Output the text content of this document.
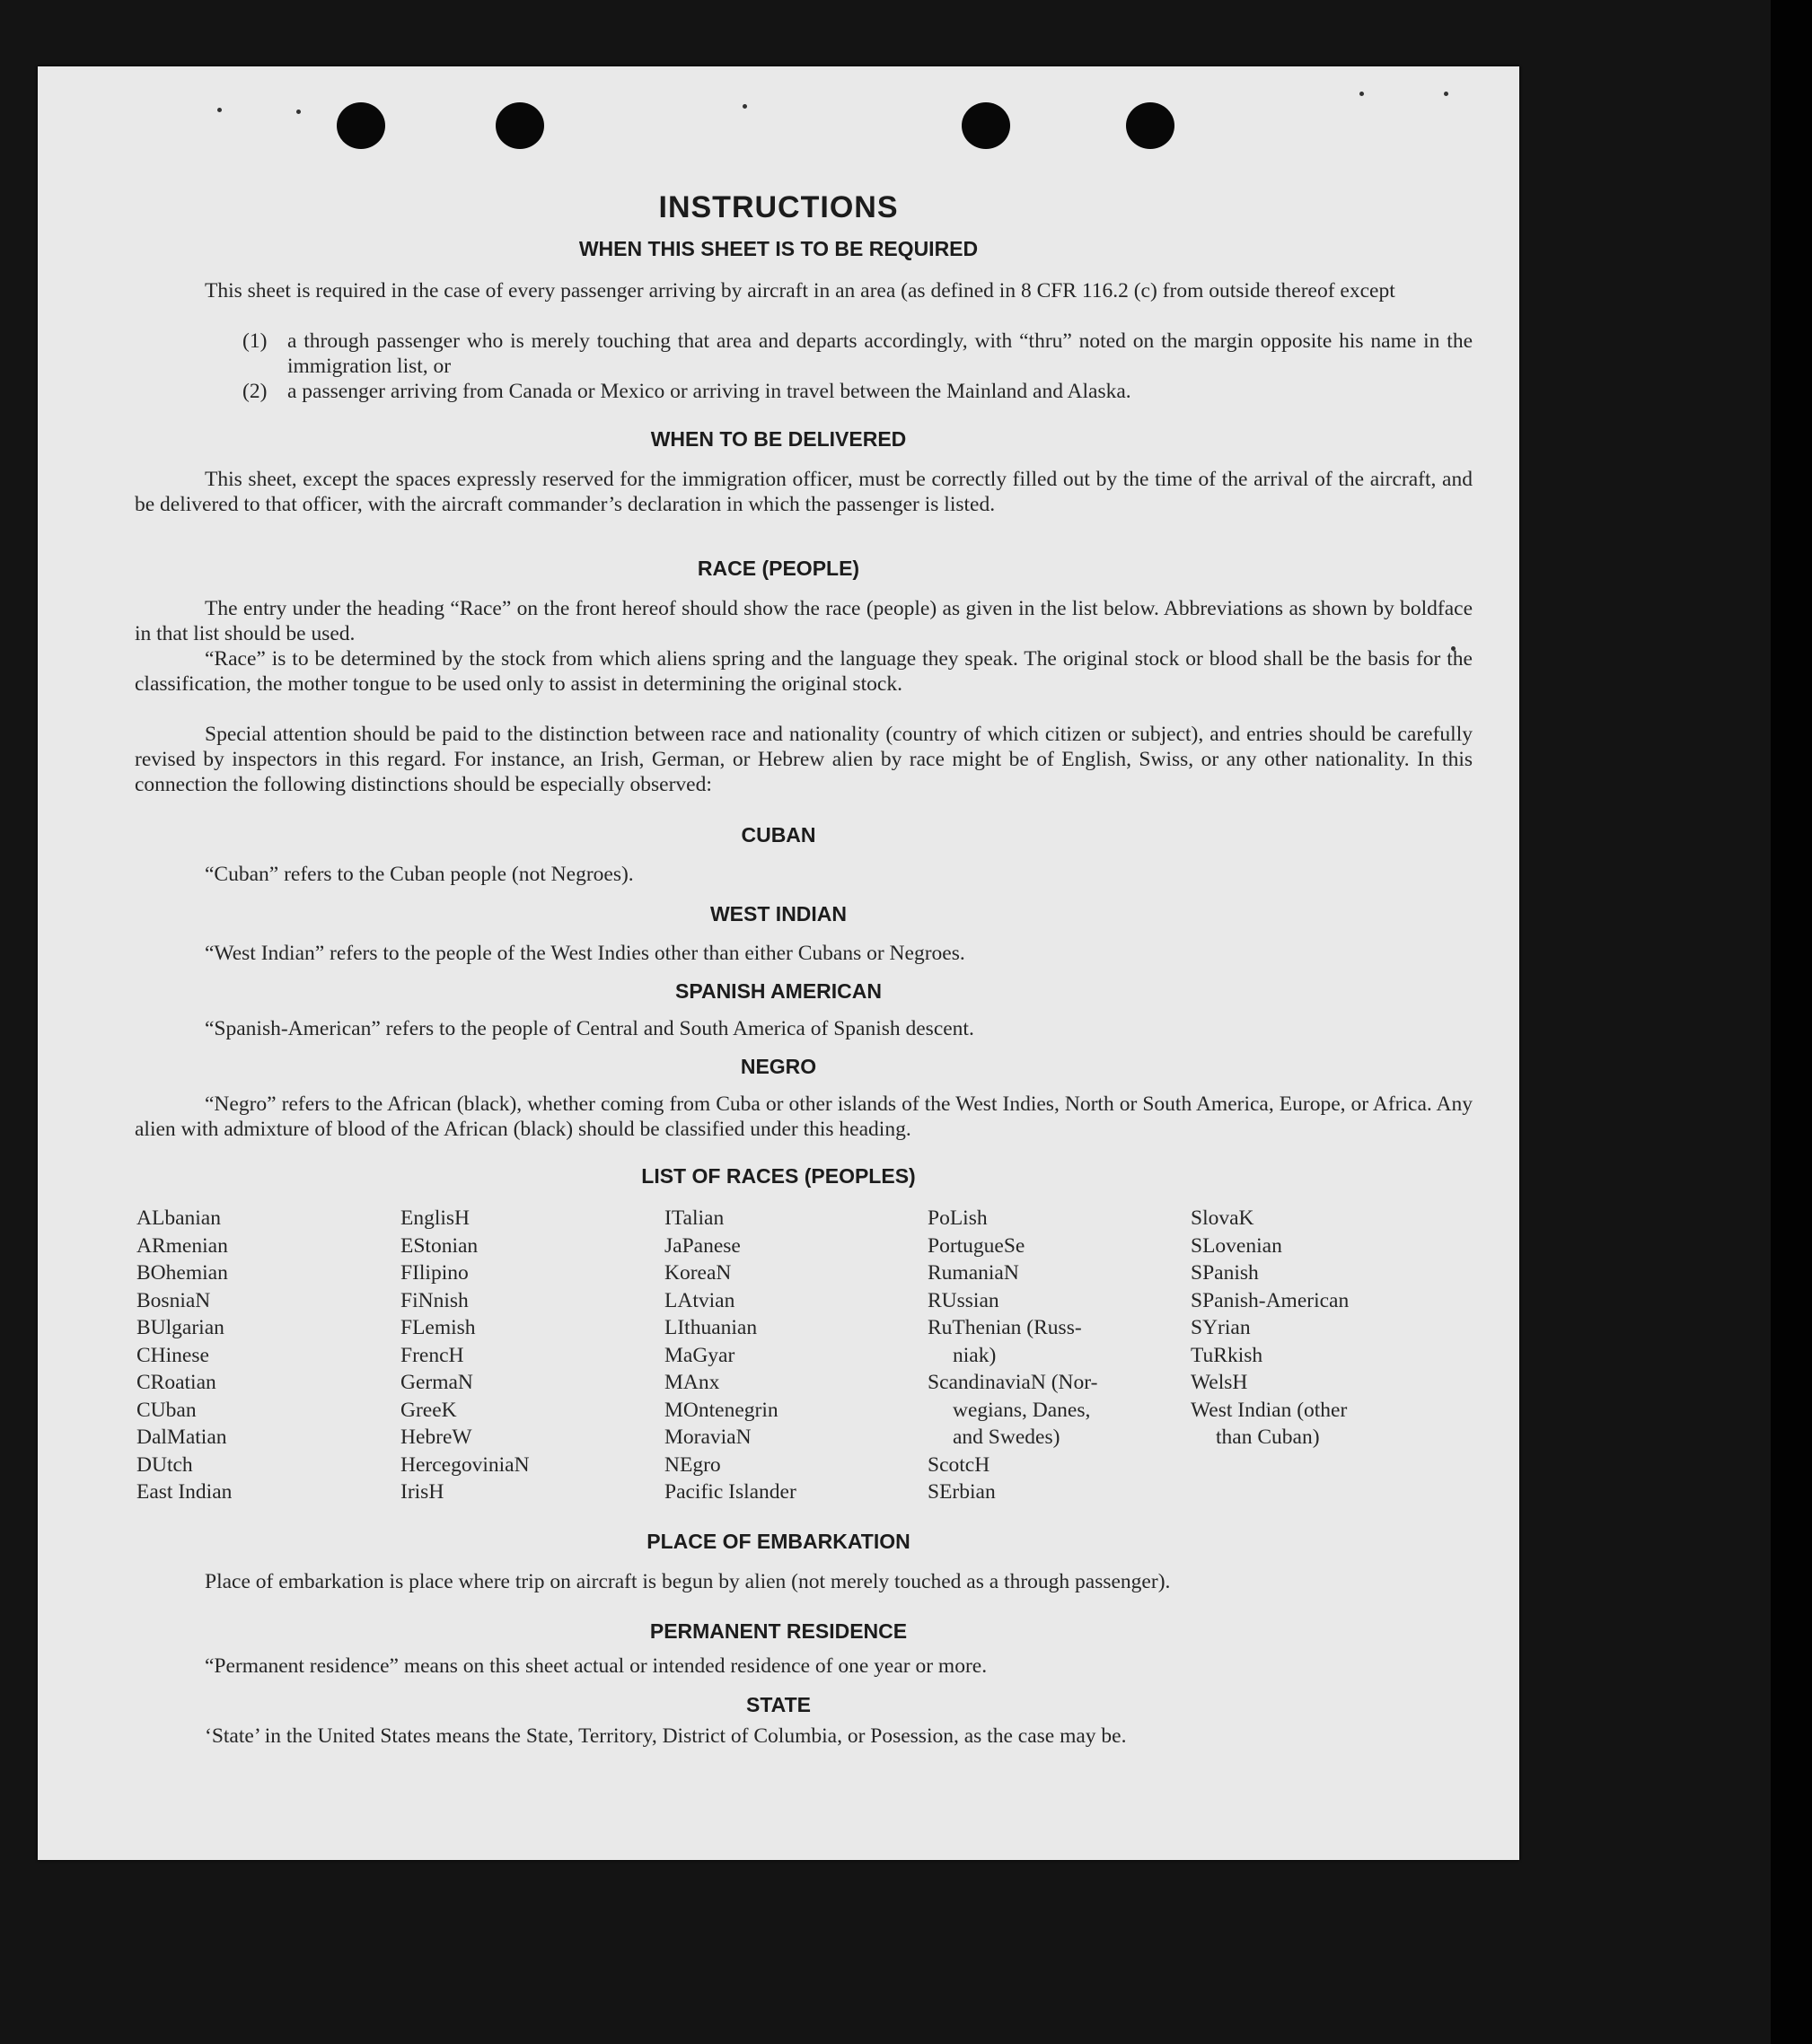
INSTRUCTIONS
WHEN THIS SHEET IS TO BE REQUIRED

This sheet is required in the case of every passenger arriving by aircraft in an area (as defined in 8 CFR 116.2 (c) from outside thereof except

(1) a through passenger who is merely touching that area and departs accordingly, with “thru” noted on the margin opposite his name in the immigration list, or
(2) a passenger arriving from Canada or Mexico or arriving in travel between the Mainland and Alaska.
WHEN TO BE DELIVERED

This sheet, except the spaces expressly reserved for the immigration officer, must be correctly filled out by the time of the arrival of the aircraft, and be delivered to that officer, with the aircraft commander’s declaration in which the passenger is listed.

RACE (PEOPLE)

The entry under the heading “Race” on the front hereof should show the race (people) as given in the list below. Abbreviations as shown by boldface in that list should be used.

“Race” is to be determined by the stock from which aliens spring and the language they speak. The original stock or blood shall be the basis for the classification, the mother tongue to be used only to assist in determining the original stock.

Special attention should be paid to the distinction between race and nationality (country of which citizen or subject), and entries should be carefully revised by inspectors in this regard. For instance, an Irish, German, or Hebrew alien by race might be of English, Swiss, or any other nationality. In this connection the following distinctions should be especially observed:

CUBAN

“Cuban” refers to the Cuban people (not Negroes).

WEST INDIAN

“West Indian” refers to the people of the West Indies other than either Cubans or Negroes.

SPANISH AMERICAN

“Spanish-American” refers to the people of Central and South America of Spanish descent.

NEGRO

“Negro” refers to the African (black), whether coming from Cuba or other islands of the West Indies, North or South America, Europe, or Africa. Any alien with admixture of blood of the African (black) should be classified under this heading.

LIST OF RACES (PEOPLES)
ALbanian
ARmenian
BOhemian
BosniaN
BUlgarian
CHinese
CRoatian
CUban
DalMatian
DUtch
East Indian
EnglisH
EStonian
FIlipino
FiNnish
FLemish
FrencH
GermaN
GreeK
HebreW
HercegoviniaN
IrisH
ITalian
JaPanese
KoreaN
LAtvian
LIthuanian
MaGyar
MAnx
MOntenegrin
MoraviaN
NEgro
Pacific Islander
PoLish
PortugueSe
RumaniaN
RUssian
RuThenian (Russ-
niak)
ScandinaviaN (Nor-
wegians, Danes,
and Swedes)
ScotcH
SErbian
SlovaK
SLovenian
SPanish
SPanish-American
SYrian
TuRkish
WelsH
West Indian (other
than Cuban)
PLACE OF EMBARKATION

Place of embarkation is place where trip on aircraft is begun by alien (not merely touched as a through passenger).

PERMANENT RESIDENCE

“Permanent residence” means on this sheet actual or intended residence of one year or more.

STATE

‘State’ in the United States means the State, Territory, District of Columbia, or Posession, as the case may be.
